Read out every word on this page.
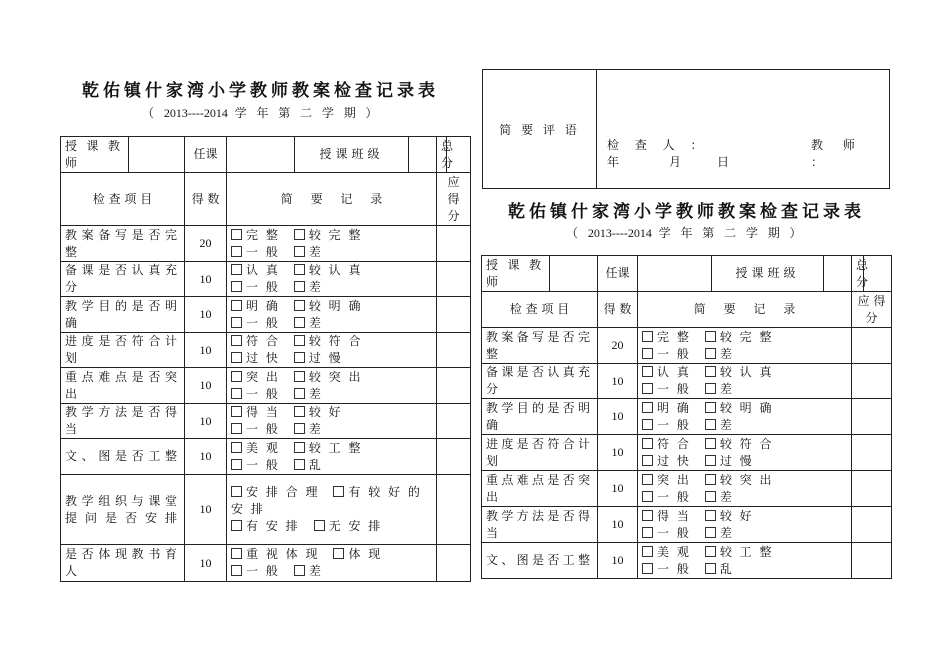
乾佑镇什家湾小学教师教案检查记录表
（ 2013----2014 学 年 第 二 学 期 ）
授课教师		任课		授课班级		总分	
检 查 项 目		得 数	简 要 记 录			应 得 分	
教案备写是否完整		20	完 整 较 完 整
一 般 差				
备课是否认真充分		10	认 真 较 认 真
一 般 差				
教学目的是否明确		10	明 确 较 明 确
一 般 差				
进度是否符合计划		10	符 合 较 符 合
过 快 过 慢				
重点难点是否突出		10	突 出 较 突 出
一 般 差				
教学方法是否得当		10	得 当 较 好
一 般 差				
文、图是否工整		10	美 观 较 工 整
一 般 乱				
教学组织与课堂提问是否安排		10	安 排 合 理 有 较 好 的 安 排
有 安 排 无 安 排				
是否体现教书育人		10	重 视 体 现 体 现
一 般 差				
简 要 评 语
检 查 人 ：	教 师 ：
年	月	日
乾佑镇什家湾小学教师教案检查记录表
（ 2013----2014 学 年 第 二 学 期 ）
授课教师		任课		授课班级		总分	
检 查 项 目		得 数	简 要 记 录			应 得 分	
教案备写是否完整		20	完 整 较 完 整
一 般 差				
备课是否认真充分		10	认 真 较 认 真
一 般 差				
教学目的是否明确		10	明 确 较 明 确
一 般 差				
进度是否符合计划		10	符 合 较 符 合
过 快 过 慢				
重点难点是否突出		10	突 出 较 突 出
一 般 差				
教学方法是否得当		10	得 当 较 好
一 般 差				
文、图是否工整		10	美 观 较 工 整
一 般 乱				
